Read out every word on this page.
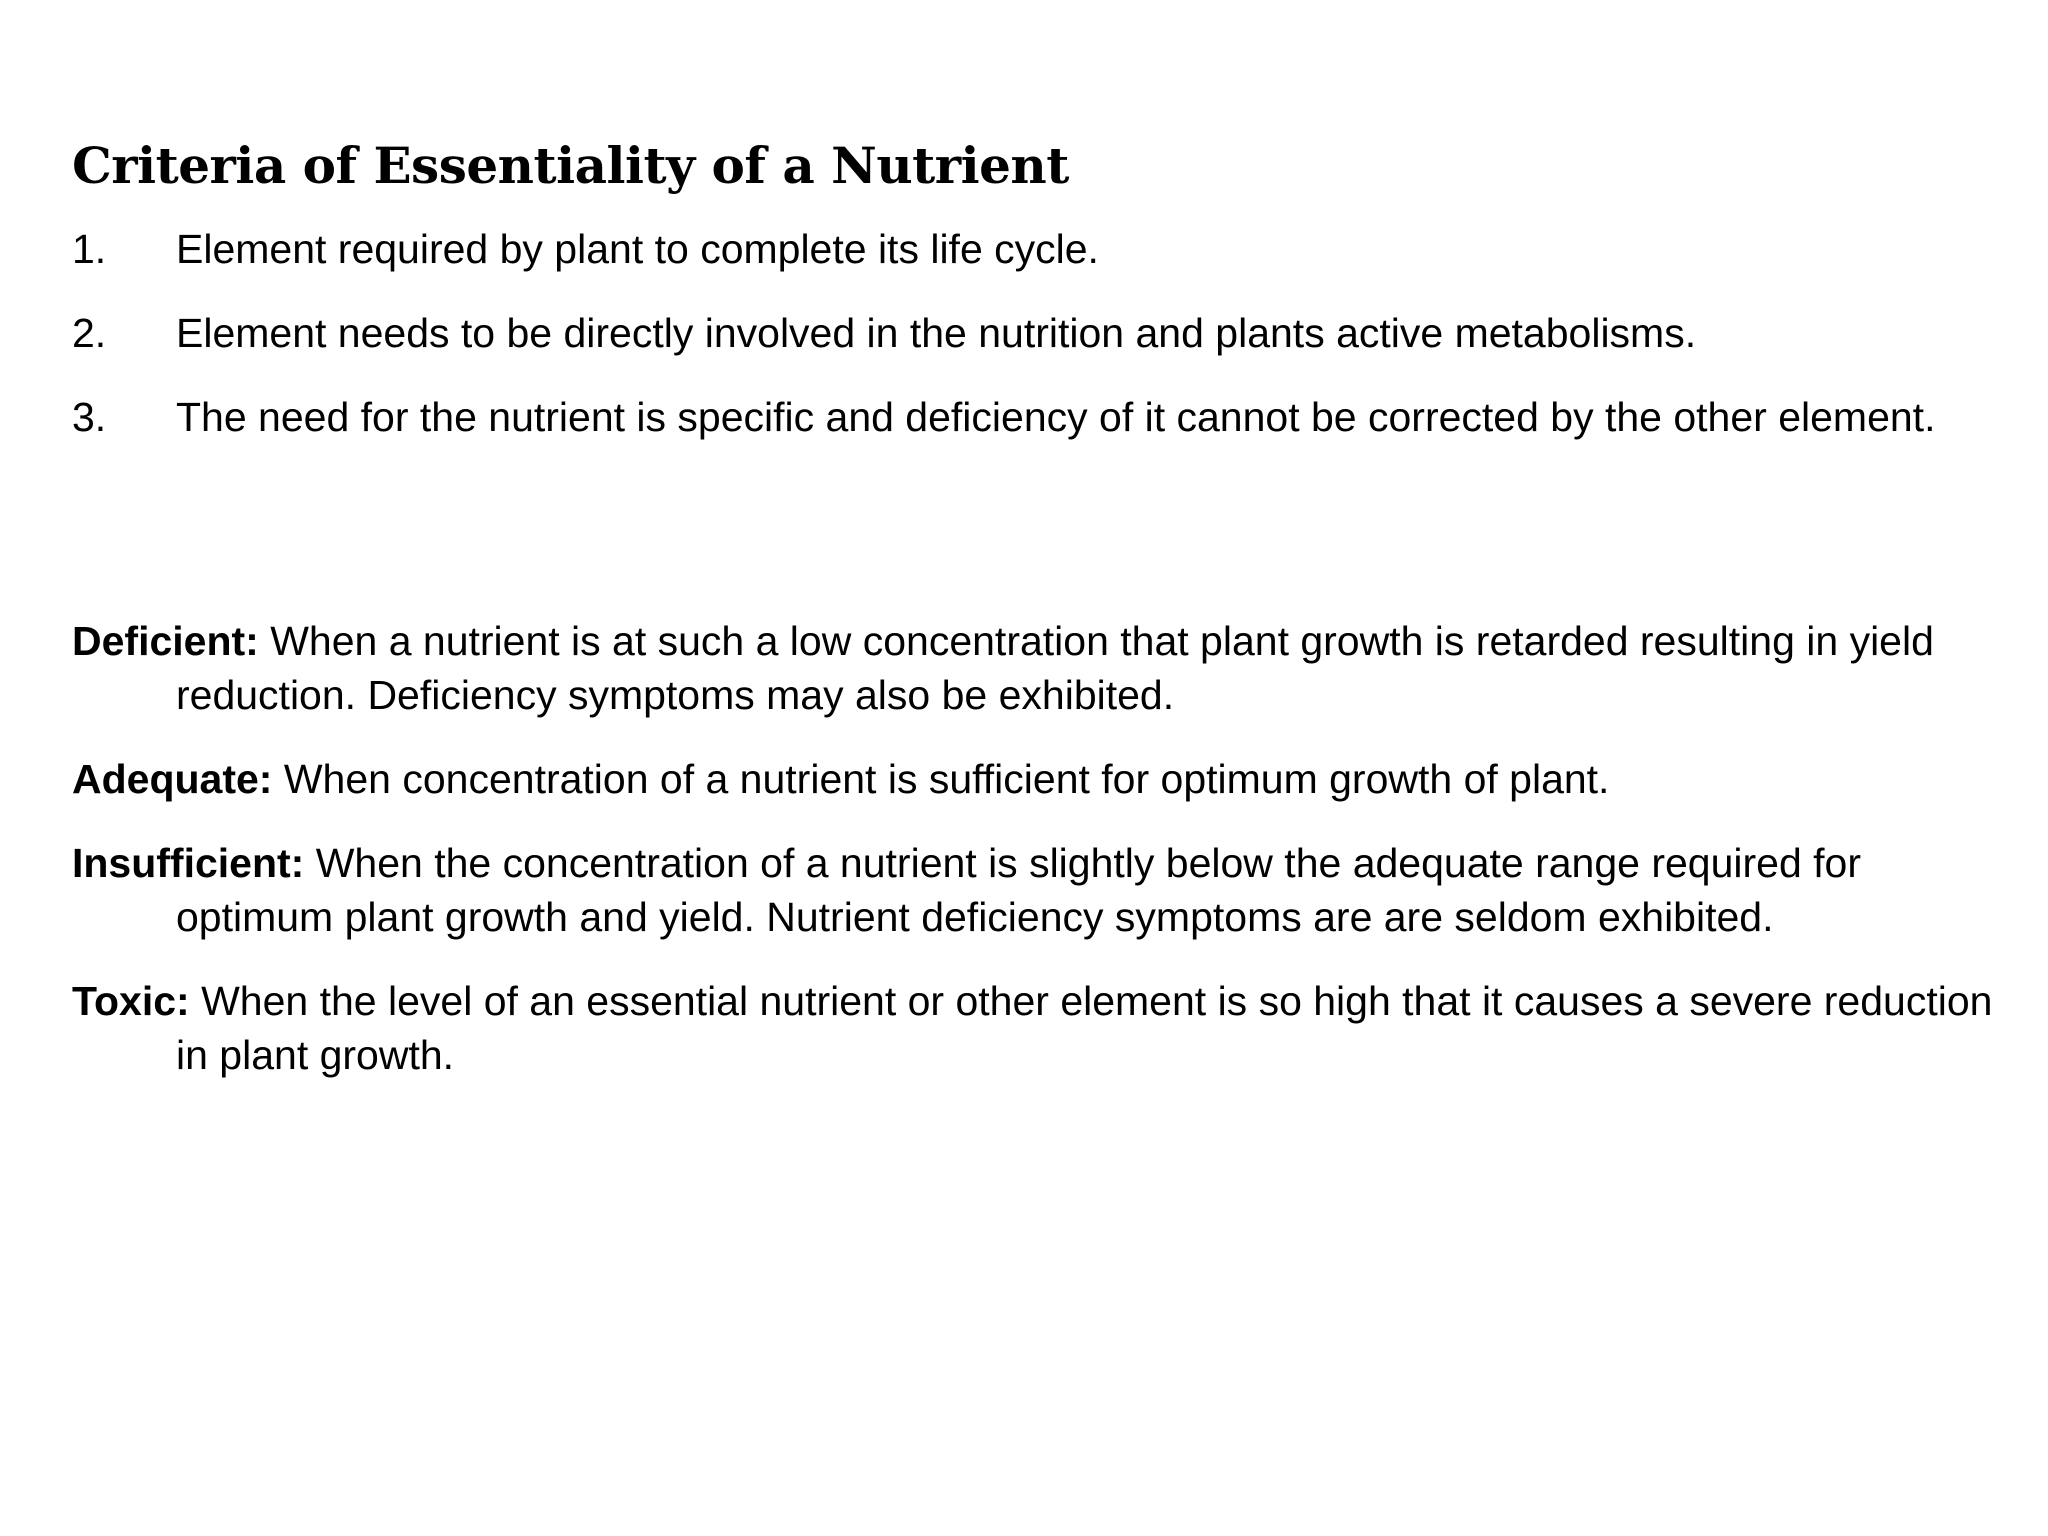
Criteria of Essentiality of a Nutrient
1.	Element required by plant to complete its life cycle.
2.	Element needs to be directly involved in the nutrition and plants active metabolisms.
3.	The need for the nutrient is specific and deficiency of it cannot be corrected by the other element.

Deficient: When a nutrient is at such a low concentration that plant growth is retarded resulting in yield reduction. Deficiency symptoms may also be exhibited.

Adequate: When concentration of a nutrient is sufficient for optimum growth of plant.

Insufficient: When the concentration of a nutrient is slightly below the adequate range required for optimum plant growth and yield. Nutrient deficiency symptoms are are seldom exhibited.

Toxic: When the level of an essential nutrient or other element is so high that it causes a severe reduction in plant growth.
